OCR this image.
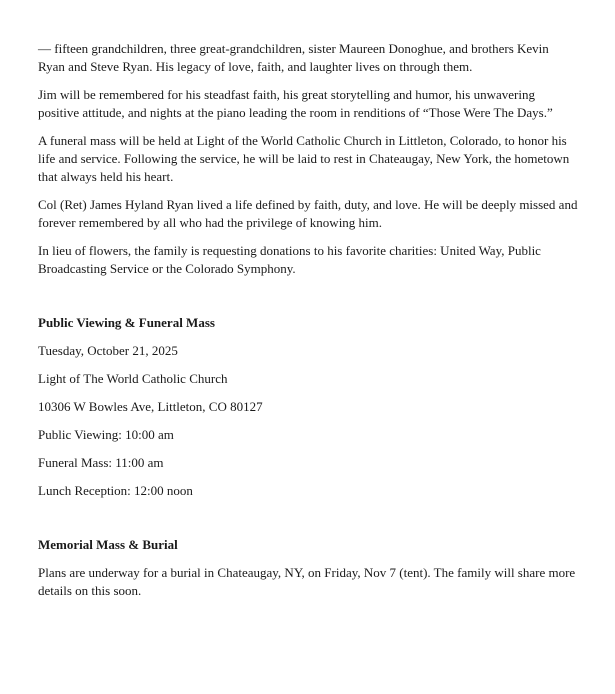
— fifteen grandchildren, three great-grandchildren, sister Maureen Donoghue, and brothers Kevin Ryan and Steve Ryan. His legacy of love, faith, and laughter lives on through them.

Jim will be remembered for his steadfast faith, his great storytelling and humor, his unwavering positive attitude, and nights at the piano leading the room in renditions of “Those Were The Days.”

A funeral mass will be held at Light of the World Catholic Church in Littleton, Colorado, to honor his life and service. Following the service, he will be laid to rest in Chateaugay, New York, the hometown that always held his heart.

Col (Ret) James Hyland Ryan lived a life defined by faith, duty, and love. He will be deeply missed and forever remembered by all who had the privilege of knowing him.

In lieu of flowers, the family is requesting donations to his favorite charities: United Way, Public Broadcasting Service or the Colorado Symphony.

Public Viewing & Funeral Mass

Tuesday, October 21, 2025

Light of The World Catholic Church

10306 W Bowles Ave, Littleton, CO 80127

Public Viewing: 10:00 am

Funeral Mass: 11:00 am

Lunch Reception: 12:00 noon

Memorial Mass & Burial

Plans are underway for a burial in Chateaugay, NY, on Friday, Nov 7 (tent). The family will share more details on this soon.
